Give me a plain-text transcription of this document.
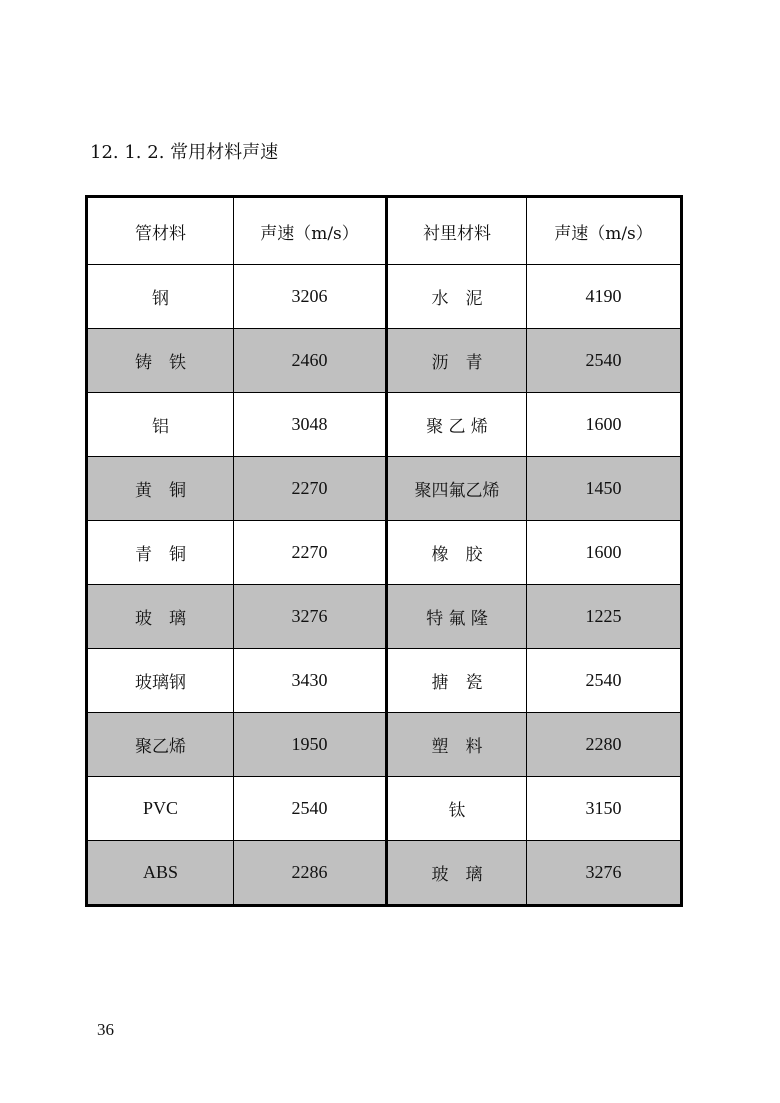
12. 1. 2. 常用材料声速
管材料	声速（m/s）	衬里材料	声速（m/s）
钢	3206	水　泥	4190
铸　铁	2460	沥　青	2540
铝	3048	聚 乙 烯	1600
黄　铜	2270	聚四氟乙烯	1450
青　铜	2270	橡　胶	1600
玻　璃	3276	特 氟 隆	1225
玻璃钢	3430	搪　瓷	2540
聚乙烯	1950	塑　料	2280
PVC	2540	钛	3150
ABS	2286	玻　璃	3276
36
